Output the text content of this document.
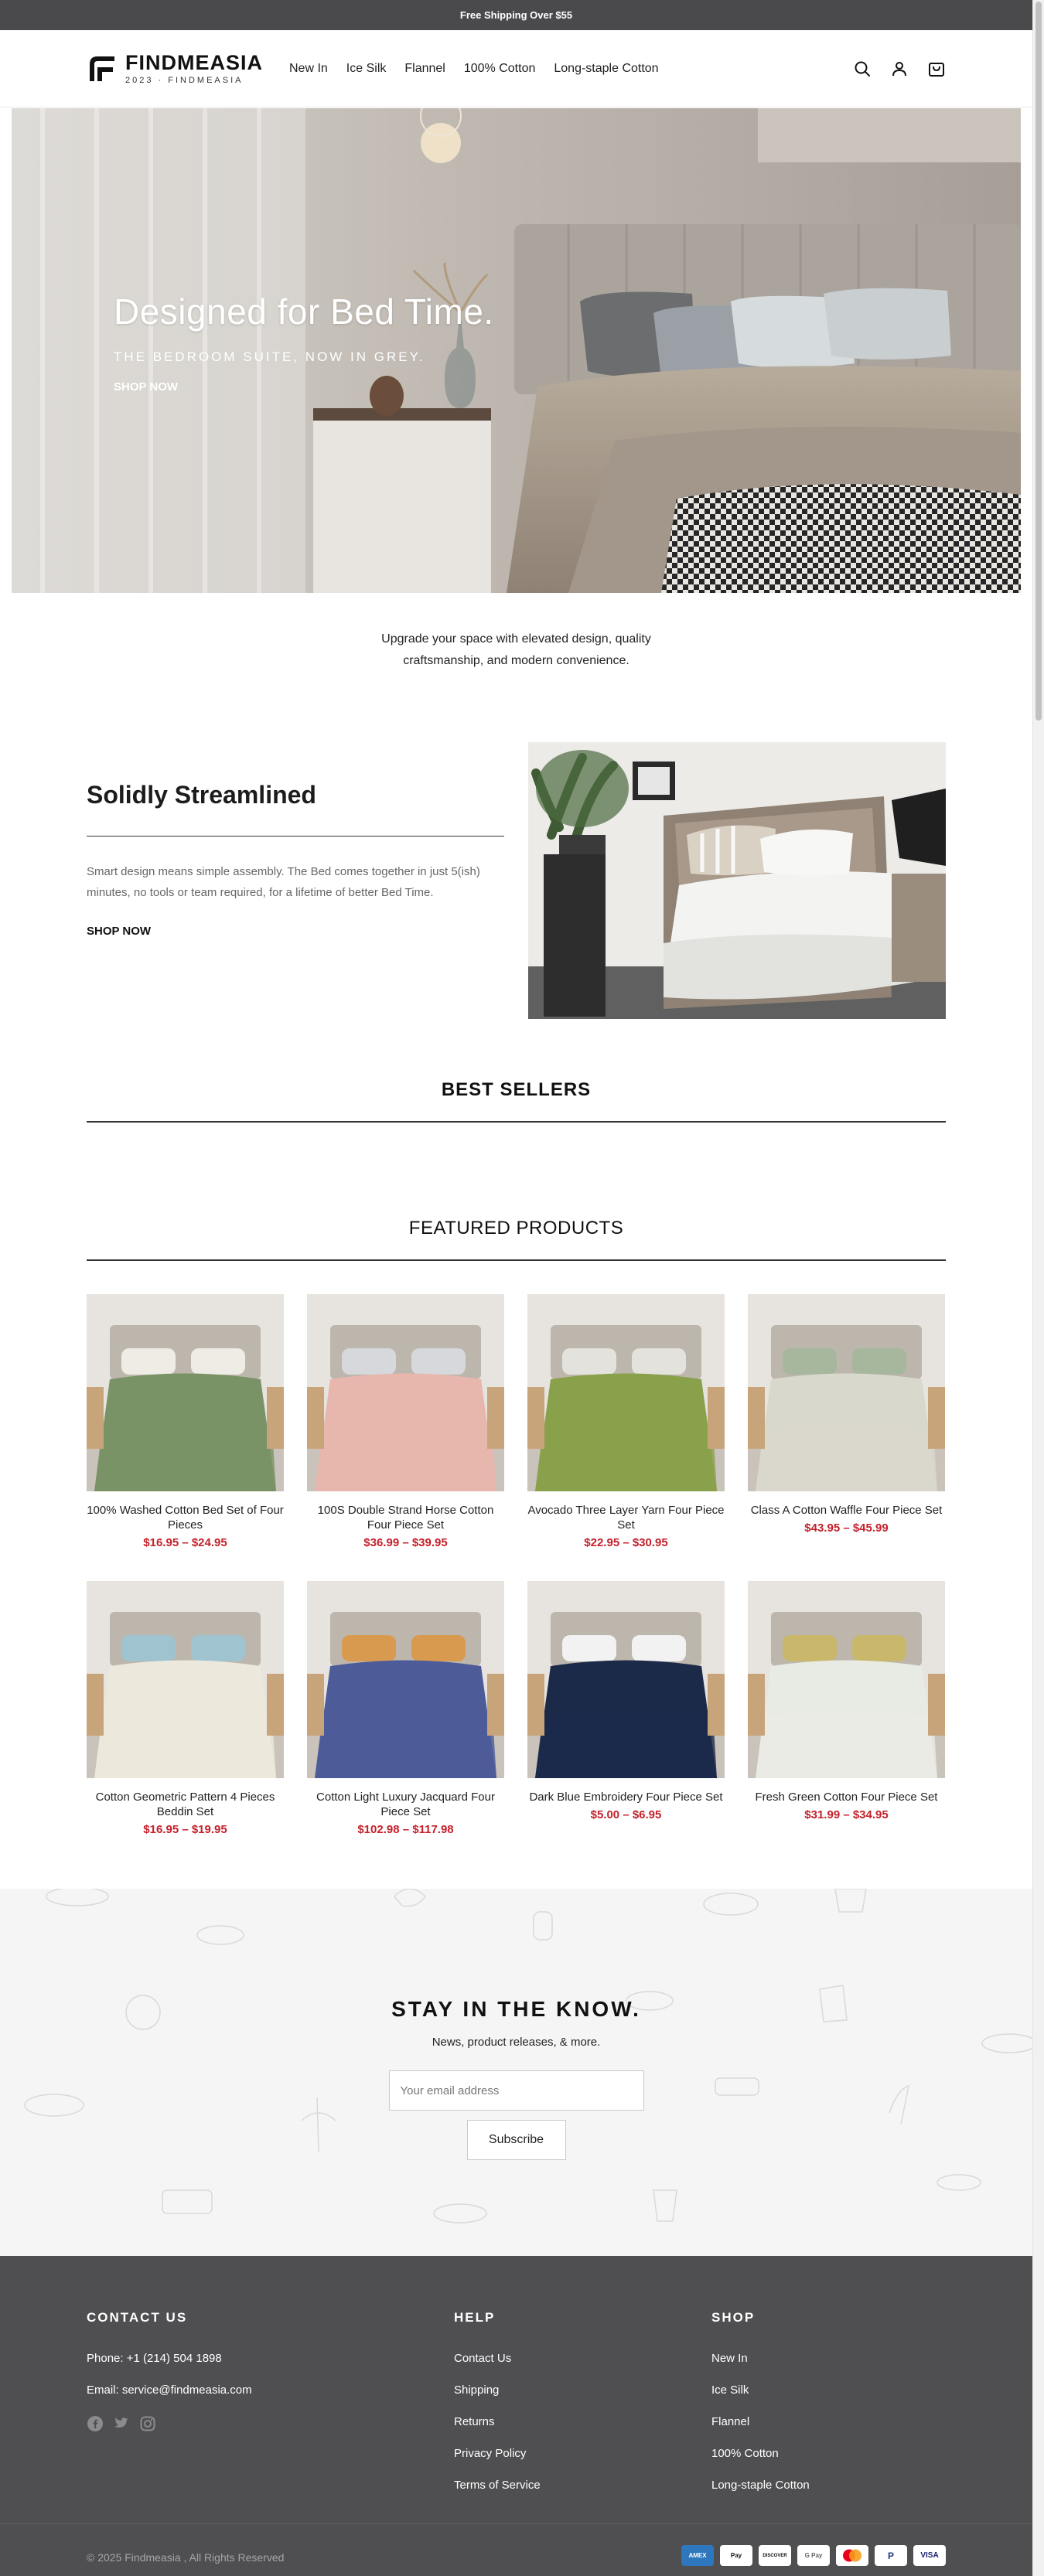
Free Shipping Over $55
FINDMEASIA
2023 · FINDMEASIA
New In Ice Silk Flannel 100% Cotton Long-staple Cotton
Designed for Bed Time.

THE BEDROOM SUITE, NOW IN GREY.

SHOP NOW

Upgrade your space with elevated design, quality craftsmanship, and modern convenience.

Solidly Streamlined

Smart design means simple assembly. The Bed comes together in just 5(ish) minutes, no tools or team required, for a lifetime of better Bed Time.

SHOP NOW
BEST SELLERS
FEATURED PRODUCTS
100% Washed Cotton Bed Set of Four Pieces
$16.95 – $24.95
100S Double Strand Horse Cotton Four Piece Set
$36.99 – $39.95
Avocado Three Layer Yarn Four Piece Set
$22.95 – $30.95
Class A Cotton Waffle Four Piece Set
$43.95 – $45.99
Cotton Geometric Pattern 4 Pieces Beddin Set
$16.95 – $19.95
Cotton Light Luxury Jacquard Four Piece Set
$102.98 – $117.98
Dark Blue Embroidery Four Piece Set
$5.00 – $6.95
Fresh Green Cotton Four Piece Set
$31.99 – $34.95
STAY IN THE KNOW.

News, product releases, & more.

Your email address
Subscribe
CONTACT US

Phone: +1 (214) 504 1898

Email: service@findmeasia.com

HELP
Contact Us
Shipping
Returns
Privacy Policy
Terms of Service
SHOP
New In
Ice Silk
Flannel
100% Cotton
Long-staple Cotton
© 2025 Findmeasia , All Rights Reserved	AMEX	Pay	DISCOVER	G Pay	P	VISA
